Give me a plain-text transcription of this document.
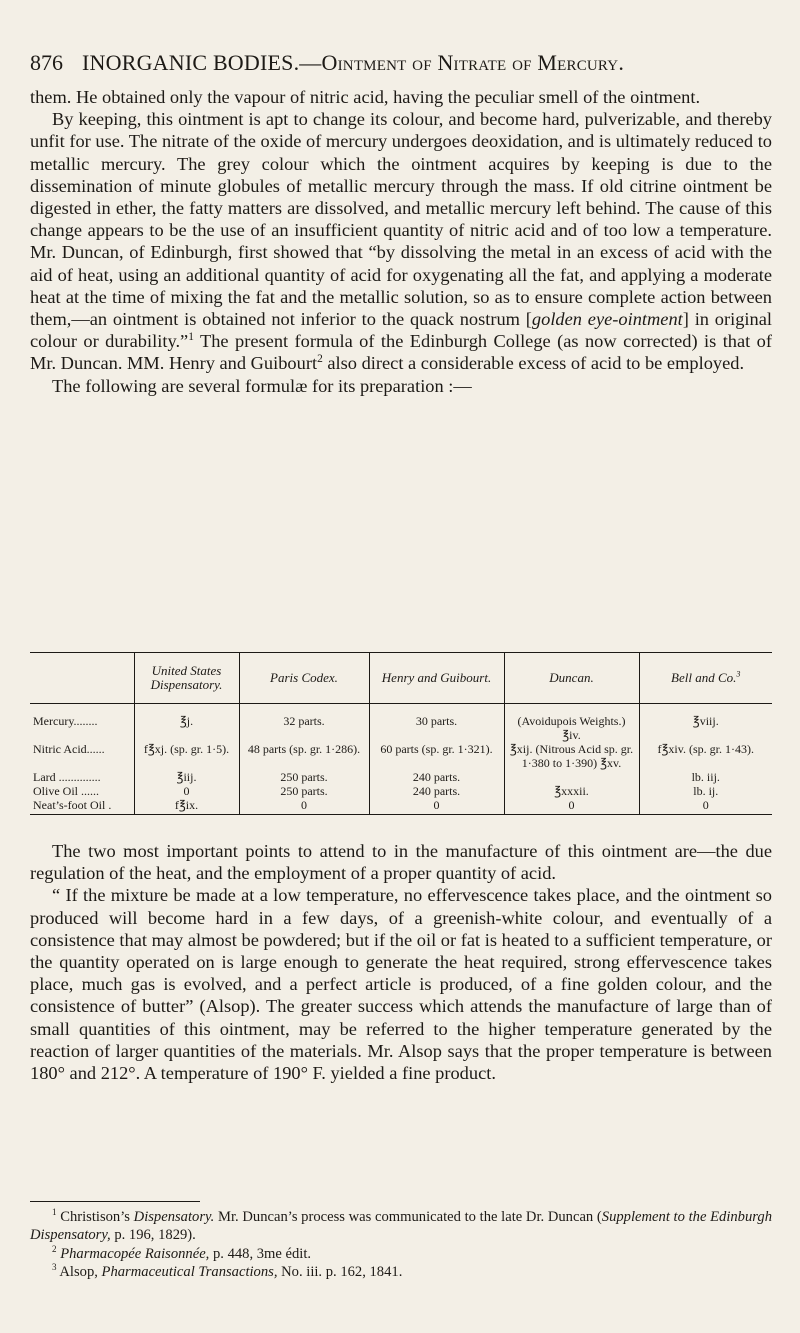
876 INORGANIC BODIES.—Ointment of Nitrate of Mercury.

them. He obtained only the vapour of nitric acid, having the peculiar smell of the ointment.

By keeping, this ointment is apt to change its colour, and become hard, pulverizable, and thereby unfit for use. The nitrate of the oxide of mercury undergoes deoxidation, and is ultimately reduced to metallic mercury. The grey colour which the ointment acquires by keeping is due to the dissemination of minute globules of metallic mercury through the mass. If old citrine ointment be digested in ether, the fatty matters are dissolved, and metallic mercury left behind. The cause of this change appears to be the use of an insufficient quantity of nitric acid and of too low a temperature. Mr. Duncan, of Edinburgh, first showed that “by dissolving the metal in an excess of acid with the aid of heat, using an additional quantity of acid for oxygenating all the fat, and applying a moderate heat at the time of mixing the fat and the metallic solution, so as to ensure complete action between them,—an ointment is obtained not inferior to the quack nostrum [golden eye-ointment] in original colour or durability.”$^1$ The present formula of the Edinburgh College (as now corrected) is that of Mr. Duncan. MM. Henry and Guibourt$^2$ also direct a considerable excess of acid to be employed.

The following are several formulæ for its preparation :—

	United States Dispensatory.	Paris Codex.	Henry and Guibourt.	Duncan.	Bell and Co.$^3$
Mercury........	℥j.	32 parts.	30 parts.	(Avoidupois Weights.) ℥iv.	℥viij.
Nitric Acid......	f℥xj. (sp. gr. 1·5).	48 parts (sp. gr. 1·286).	60 parts (sp. gr. 1·321).	℥xij. (Nitrous Acid sp. gr. 1·380 to 1·390) ℥xv.	f℥xiv. (sp. gr. 1·43).
Lard ..............	℥iij.	250 parts.	240 parts.		lb. iij.
Olive Oil ......	0	250 parts.	240 parts.	℥xxxii.	lb. ij.
Neat’s-foot Oil .	f℥ix.	0	0	0	0

The two most important points to attend to in the manufacture of this ointment are—the due regulation of the heat, and the employment of a proper quantity of acid.

“ If the mixture be made at a low temperature, no effervescence takes place, and the ointment so produced will become hard in a few days, of a greenish-white colour, and eventually of a consistence that may almost be powdered; but if the oil or fat is heated to a sufficient temperature, or the quantity operated on is large enough to generate the heat required, strong effervescence takes place, much gas is evolved, and a perfect article is produced, of a fine golden colour, and the consistence of butter” (Alsop). The greater success which attends the manufacture of large than of small quantities of this ointment, may be referred to the higher temperature generated by the reaction of larger quantities of the materials. Mr. Alsop says that the proper temperature is between 180° and 212°. A temperature of 190° F. yielded a fine product.

$^1$ Christison’s Dispensatory. Mr. Duncan’s process was communicated to the late Dr. Duncan (Supplement to the Edinburgh Dispensatory, p. 196, 1829).

$^2$ Pharmacopée Raisonnée, p. 448, 3me édit.

$^3$ Alsop, Pharmaceutical Transactions, No. iii. p. 162, 1841.
